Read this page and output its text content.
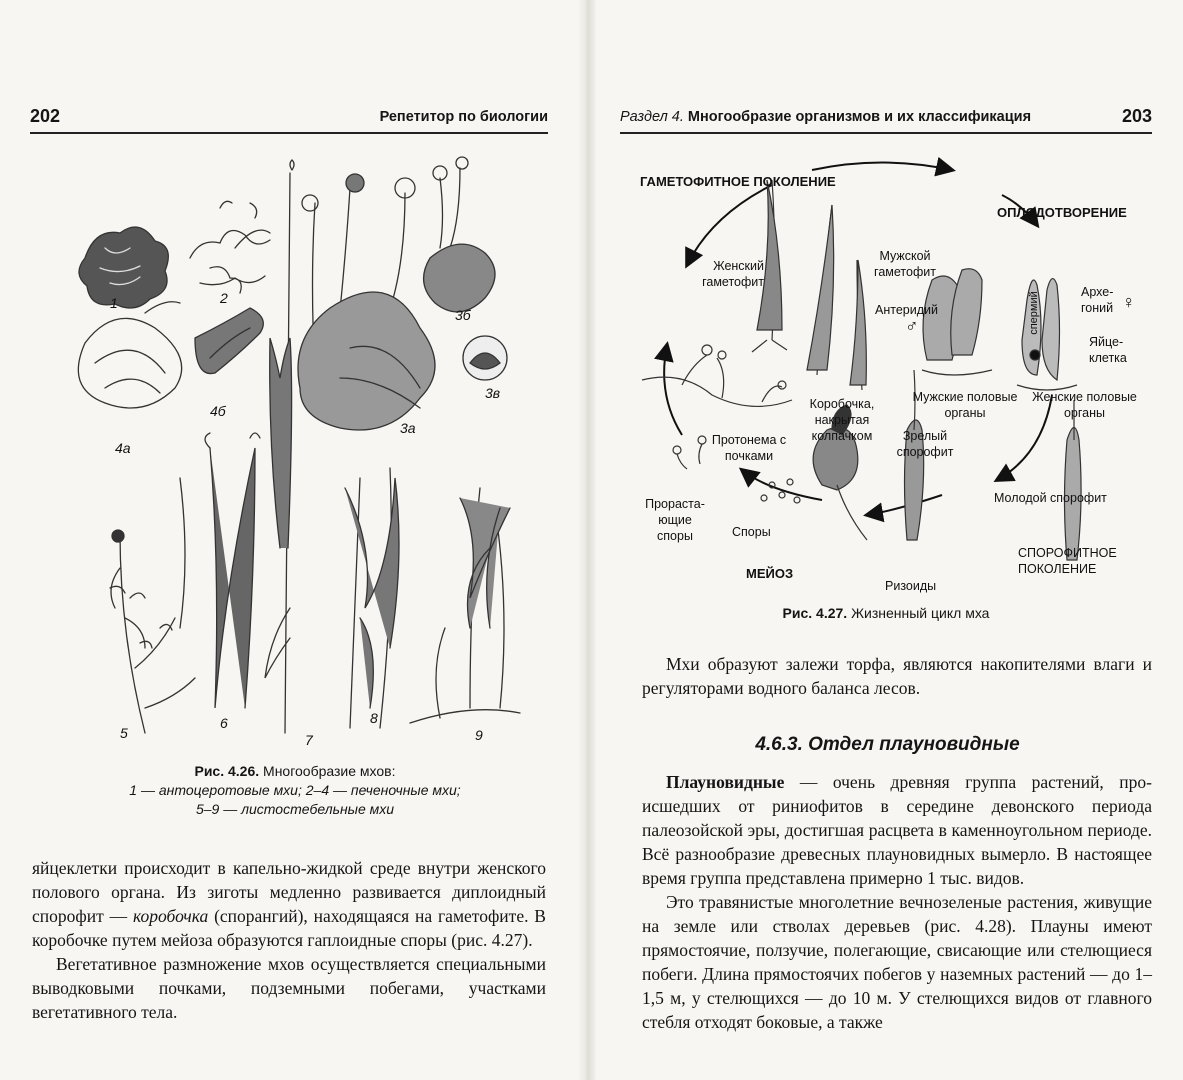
202	Репетитор по биологии
1	2
3б
3в
3а
4а
4б
5
6
7
8
9
Рис. 4.26. Многообразие мхов:
1 — антоцеротовые мхи; 2–4 — печеночные мхи;
5–9 — листостебельные мхи

яйцеклетки происходит в капельно-жидкой среде внутри женского полового органа. Из зиготы медленно развивается диплоидный спорофит — коробочка (спорангий), находящаяся на гаметофите. В коробочке путем мейоза образуются гаплоидные споры (рис. 4.27).

Вегетативное размножение мхов осуществляется специальными выводковыми почками, подземными побегами, участками вегетативного тела.

Раздел 4. Многообразие организмов и их классификация	203
ГАМЕТОФИТНОЕ ПОКОЛЕНИЕ
ОПЛОДОТВОРЕНИЕ
Женский гаметофит
Мужской гаметофит
Антеридий
♂	спермий	Архе-гоний ♀
Яйце-клетка
Мужские половые органы
Женские половые органы
Коробочка, накрытая колпачком	Зрелый спорофит
Протонема с почками
Прораста-ющие споры	Споры
Молодой спорофит
МЕЙОЗ
Ризоиды
СПОРОФИТНОЕ ПОКОЛЕНИЕ
Рис. 4.27. Жизненный цикл мха

Мхи образуют залежи торфа, являются накопителями влаги и регуляторами водного баланса лесов.

4.6.3. Отдел плауновидные

Плауновидные — очень древняя группа растений, происшедших от риниофитов в середине девонского периода палеозойской эры, достигшая расцвета в каменноугольном периоде. Всё разнообразие древесных плауновидных вымерло. В настоящее время группа представлена примерно 1 тыс. видов.

Это травянистые многолетние вечнозеленые растения, живущие на земле или стволах деревьев (рис. 4.28). Плауны имеют прямостоячие, ползучие, полегающие, свисающие или стелющиеся побеги. Длина прямостоячих побегов у наземных растений — до 1–1,5 м, у стелющихся — до 10 м. У стелющихся видов от главного стебля отходят боковые, а также
